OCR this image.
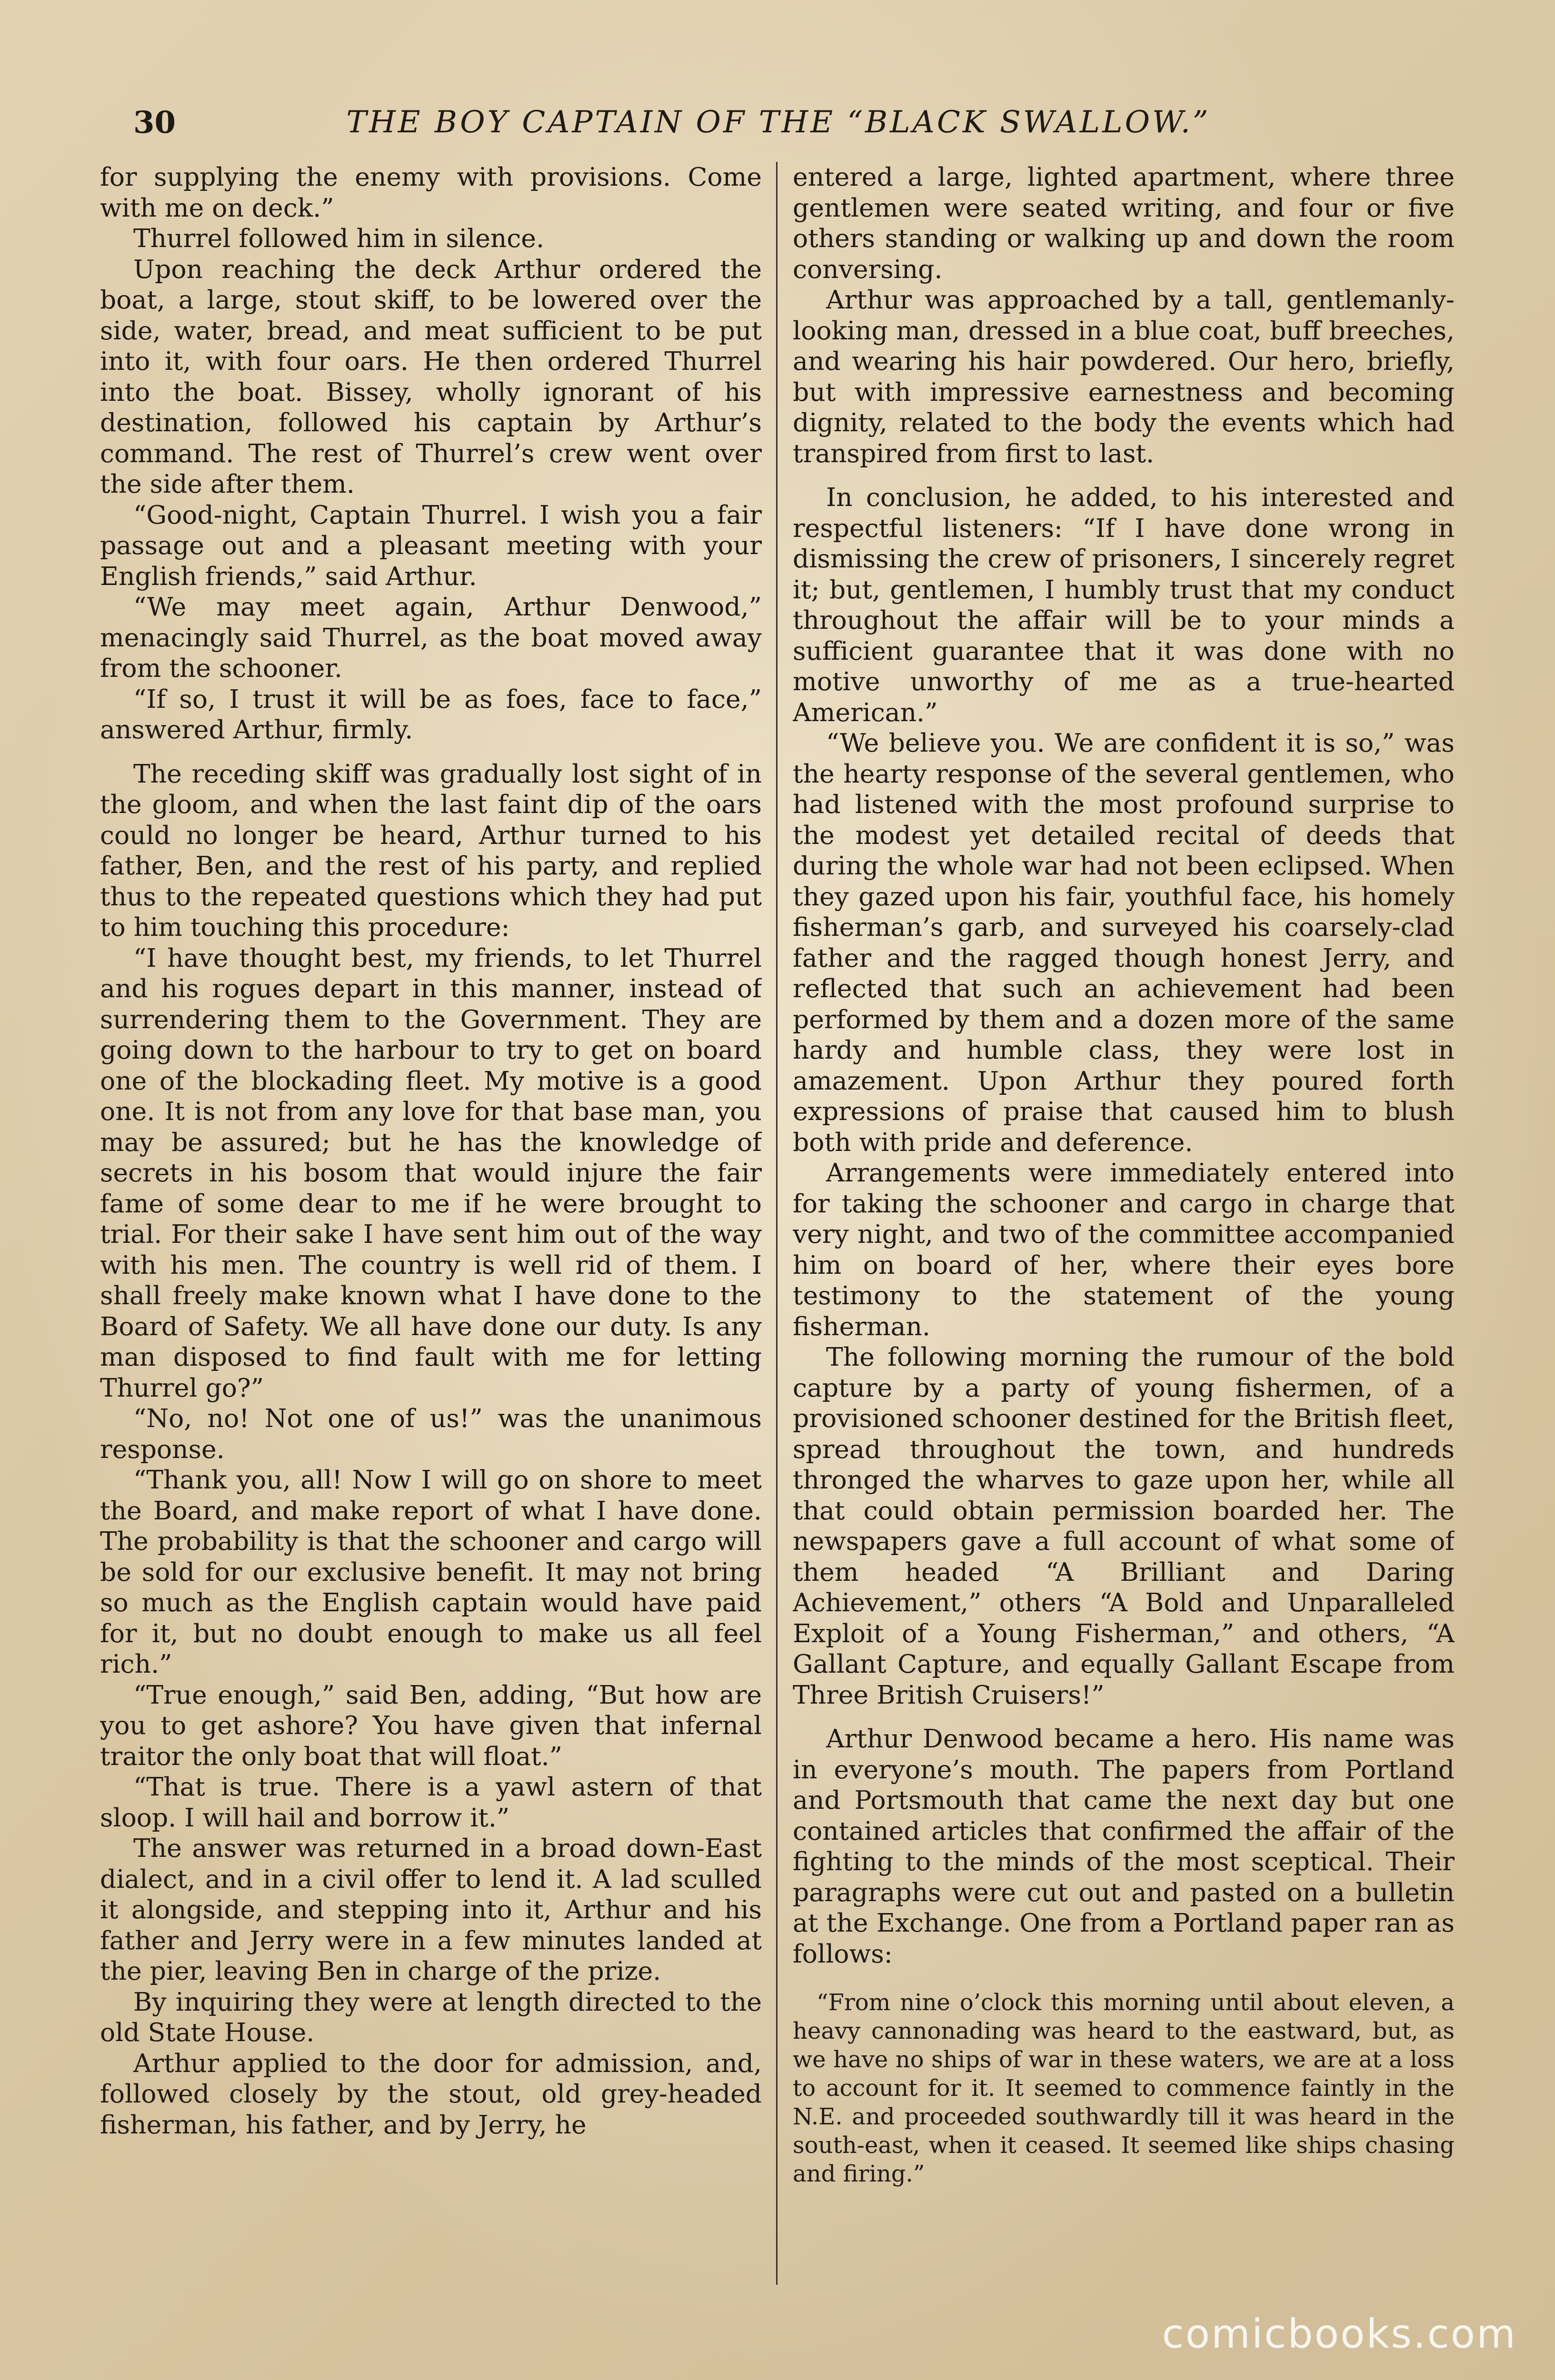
30	THE BOY CAPTAIN OF THE “BLACK SWALLOW.”

for supplying the enemy with provisions. Come with me on deck.”

Thurrel followed him in silence.

Upon reaching the deck Arthur ordered the boat, a large, stout skiff, to be lowered over the side, water, bread, and meat sufficient to be put into it, with four oars. He then ordered Thurrel into the boat. Bissey, wholly ignorant of his destination, followed his captain by Arthur’s command. The rest of Thurrel’s crew went over the side after them.

“Good-night, Captain Thurrel. I wish you a fair passage out and a pleasant meeting with your English friends,” said Arthur.

“We may meet again, Arthur Denwood,” menacingly said Thurrel, as the boat moved away from the schooner.

“If so, I trust it will be as foes, face to face,” answered Arthur, firmly.

The receding skiff was gradually lost sight of in the gloom, and when the last faint dip of the oars could no longer be heard, Arthur turned to his father, Ben, and the rest of his party, and replied thus to the repeated questions which they had put to him touching this procedure:

“I have thought best, my friends, to let Thurrel and his rogues depart in this manner, instead of surrendering them to the Government. They are going down to the harbour to try to get on board one of the blockading fleet. My motive is a good one. It is not from any love for that base man, you may be assured; but he has the knowledge of secrets in his bosom that would injure the fair fame of some dear to me if he were brought to trial. For their sake I have sent him out of the way with his men. The country is well rid of them. I shall freely make known what I have done to the Board of Safety. We all have done our duty. Is any man disposed to find fault with me for letting Thurrel go?”

“No, no! Not one of us!” was the unanimous response.

“Thank you, all! Now I will go on shore to meet the Board, and make report of what I have done. The probability is that the schooner and cargo will be sold for our exclusive benefit. It may not bring so much as the English captain would have paid for it, but no doubt enough to make us all feel rich.”

“True enough,” said Ben, adding, “But how are you to get ashore? You have given that infernal traitor the only boat that will float.”

“That is true. There is a yawl astern of that sloop. I will hail and borrow it.”

The answer was returned in a broad down-East dialect, and in a civil offer to lend it. A lad sculled it alongside, and stepping into it, Arthur and his father and Jerry were in a few minutes landed at the pier, leaving Ben in charge of the prize.

By inquiring they were at length directed to the old State House.

Arthur applied to the door for admission, and, followed closely by the stout, old grey-headed fisherman, his father, and by Jerry, he

entered a large, lighted apartment, where three gentlemen were seated writing, and four or five others standing or walking up and down the room conversing.

Arthur was approached by a tall, gentlemanly-looking man, dressed in a blue coat, buff breeches, and wearing his hair powdered. Our hero, briefly, but with impressive earnestness and becoming dignity, related to the body the events which had transpired from first to last.

In conclusion, he added, to his interested and respectful listeners: “If I have done wrong in dismissing the crew of prisoners, I sincerely regret it; but, gentlemen, I humbly trust that my conduct throughout the affair will be to your minds a sufficient guarantee that it was done with no motive unworthy of me as a true-hearted American.”

“We believe you. We are confident it is so,” was the hearty response of the several gentlemen, who had listened with the most profound surprise to the modest yet detailed recital of deeds that during the whole war had not been eclipsed. When they gazed upon his fair, youthful face, his homely fisherman’s garb, and surveyed his coarsely-clad father and the ragged though honest Jerry, and reflected that such an achievement had been performed by them and a dozen more of the same hardy and humble class, they were lost in amazement. Upon Arthur they poured forth expressions of praise that caused him to blush both with pride and deference.

Arrangements were immediately entered into for taking the schooner and cargo in charge that very night, and two of the committee accompanied him on board of her, where their eyes bore testimony to the statement of the young fisherman.

The following morning the rumour of the bold capture by a party of young fishermen, of a provisioned schooner destined for the British fleet, spread throughout the town, and hundreds thronged the wharves to gaze upon her, while all that could obtain permission boarded her. The newspapers gave a full account of what some of them headed “A Brilliant and Daring Achievement,” others “A Bold and Unparalleled Exploit of a Young Fisherman,” and others, “A Gallant Capture, and equally Gallant Escape from Three British Cruisers!”

Arthur Denwood became a hero. His name was in everyone’s mouth. The papers from Portland and Portsmouth that came the next day but one contained articles that confirmed the affair of the fighting to the minds of the most sceptical. Their paragraphs were cut out and pasted on a bulletin at the Exchange. One from a Portland paper ran as follows:

“From nine o’clock this morning until about eleven, a heavy cannonading was heard to the eastward, but, as we have no ships of war in these waters, we are at a loss to account for it. It seemed to commence faintly in the N.E. and proceeded southwardly till it was heard in the south-east, when it ceased. It seemed like ships chasing and firing.”

comicbooks.com
